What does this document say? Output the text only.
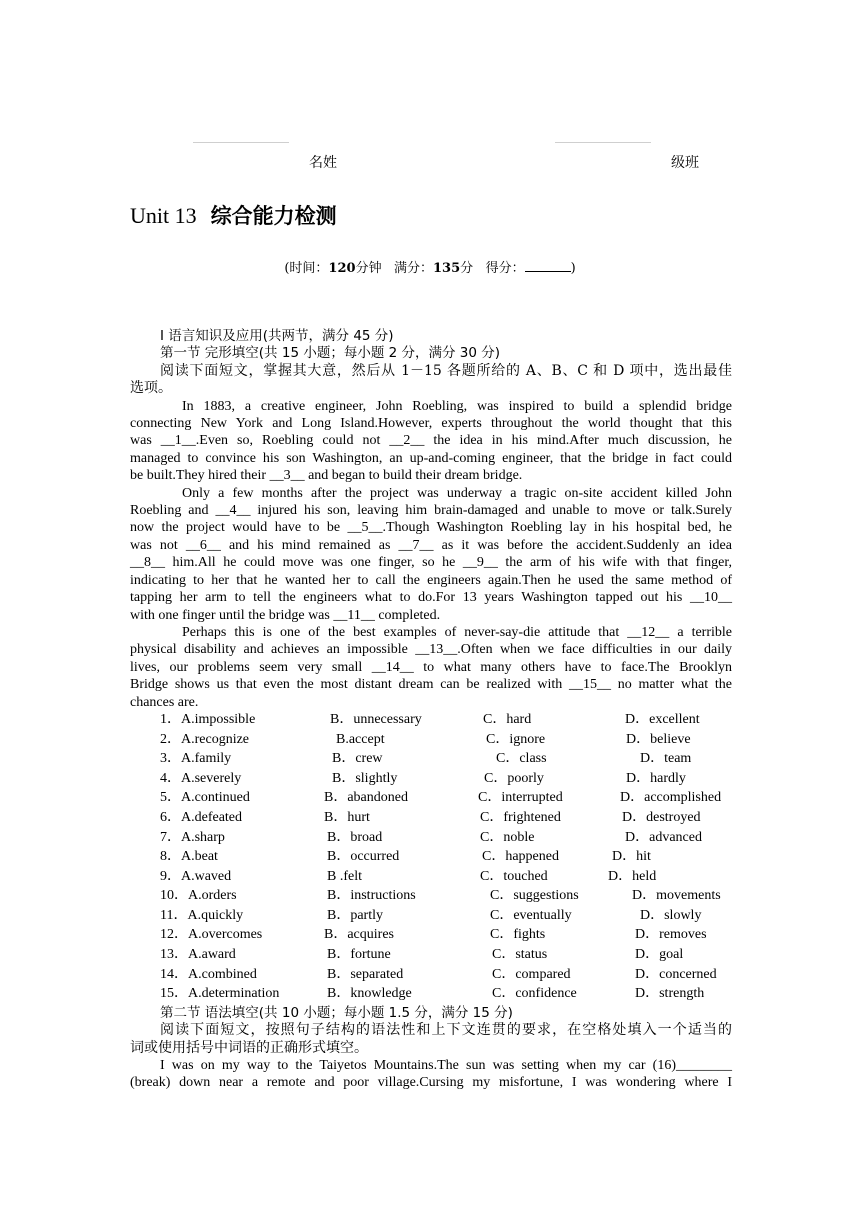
名姓	级班
Unit 13 综合能力检测
(时间：120分钟 满分：135分 得分：	)
Ⅰ 语言知识及应用(共两节，满分 45 分)
第一节 完形填空(共 15 小题；每小题 2 分，满分 30 分)
阅读下面短文，掌握其大意，然后从 1－15 各题所给的 A、B、C 和 D 项中，选出最佳
选项。
In 1883, a creative engineer, John Roebling, was inspired to build a splendid bridge
connecting New York and Long Island.However, experts throughout the world thought that this
was __1__.Even so, Roebling could not __2__ the idea in his mind.After much discussion, he
managed to convince his son Washington, an up-and-coming engineer, that the bridge in fact could
be built.They hired their __3__ and began to build their dream bridge.
Only a few months after the project was underway a tragic on-site accident killed John
Roebling and __4__ injured his son, leaving him brain-damaged and unable to move or talk.Surely
now the project would have to be __5__.Though Washington Roebling lay in his hospital bed, he
was not __6__ and his mind remained as __7__ as it was before the accident.Suddenly an idea
__8__ him.All he could move was one finger, so he __9__ the arm of his wife with that finger,
indicating to her that he wanted her to call the engineers again.Then he used the same method of
tapping her arm to tell the engineers what to do.For 13 years Washington tapped out his __10__
with one finger until the bridge was __11__ completed.
Perhaps this is one of the best examples of never-say-die attitude that __12__ a terrible
physical disability and achieves an impossible __13__.Often when we face difficulties in our daily
lives, our problems seem very small __14__ to what many others have to face.The Brooklyn
Bridge shows us that even the most distant dream can be realized with __15__ no matter what the
chances are.
1．A.impossible	B．unnecessary	C．hard	D．excellent
2．A.recognize	B.accept	C．ignore	D．believe
3．A.family	B．crew	C．class	D．team
4．A.severely	B．slightly	C．poorly	D．hardly
5．A.continued	B．abandoned	C．interrupted	D．accomplished
6．A.defeated	B．hurt	C．frightened	D．destroyed
7．A.sharp	B．broad	C．noble	D．advanced
8．A.beat	B．occurred	C．happened	D．hit
9．A.waved	B .felt	C．touched	D．held
10．A.orders	B．instructions	C．suggestions	D．movements
11．A.quickly	B．partly	C．eventually	D．slowly
12．A.overcomes	B．acquires	C．fights	D．removes
13．A.award	B．fortune	C．status	D．goal
14．A.combined	B．separated	C．compared	D．concerned
15．A.determination	B．knowledge	C．confidence	D．strength
第二节 语法填空(共 10 小题；每小题 1.5 分，满分 15 分)
阅读下面短文，按照句子结构的语法性和上下文连贯的要求，在空格处填入一个适当的
词或使用括号中词语的正确形式填空。
I was on my way to the Taiyetos Mountains.The sun was setting when my car (16)________
(break) down near a remote and poor village.Cursing my misfortune, I was wondering where I
